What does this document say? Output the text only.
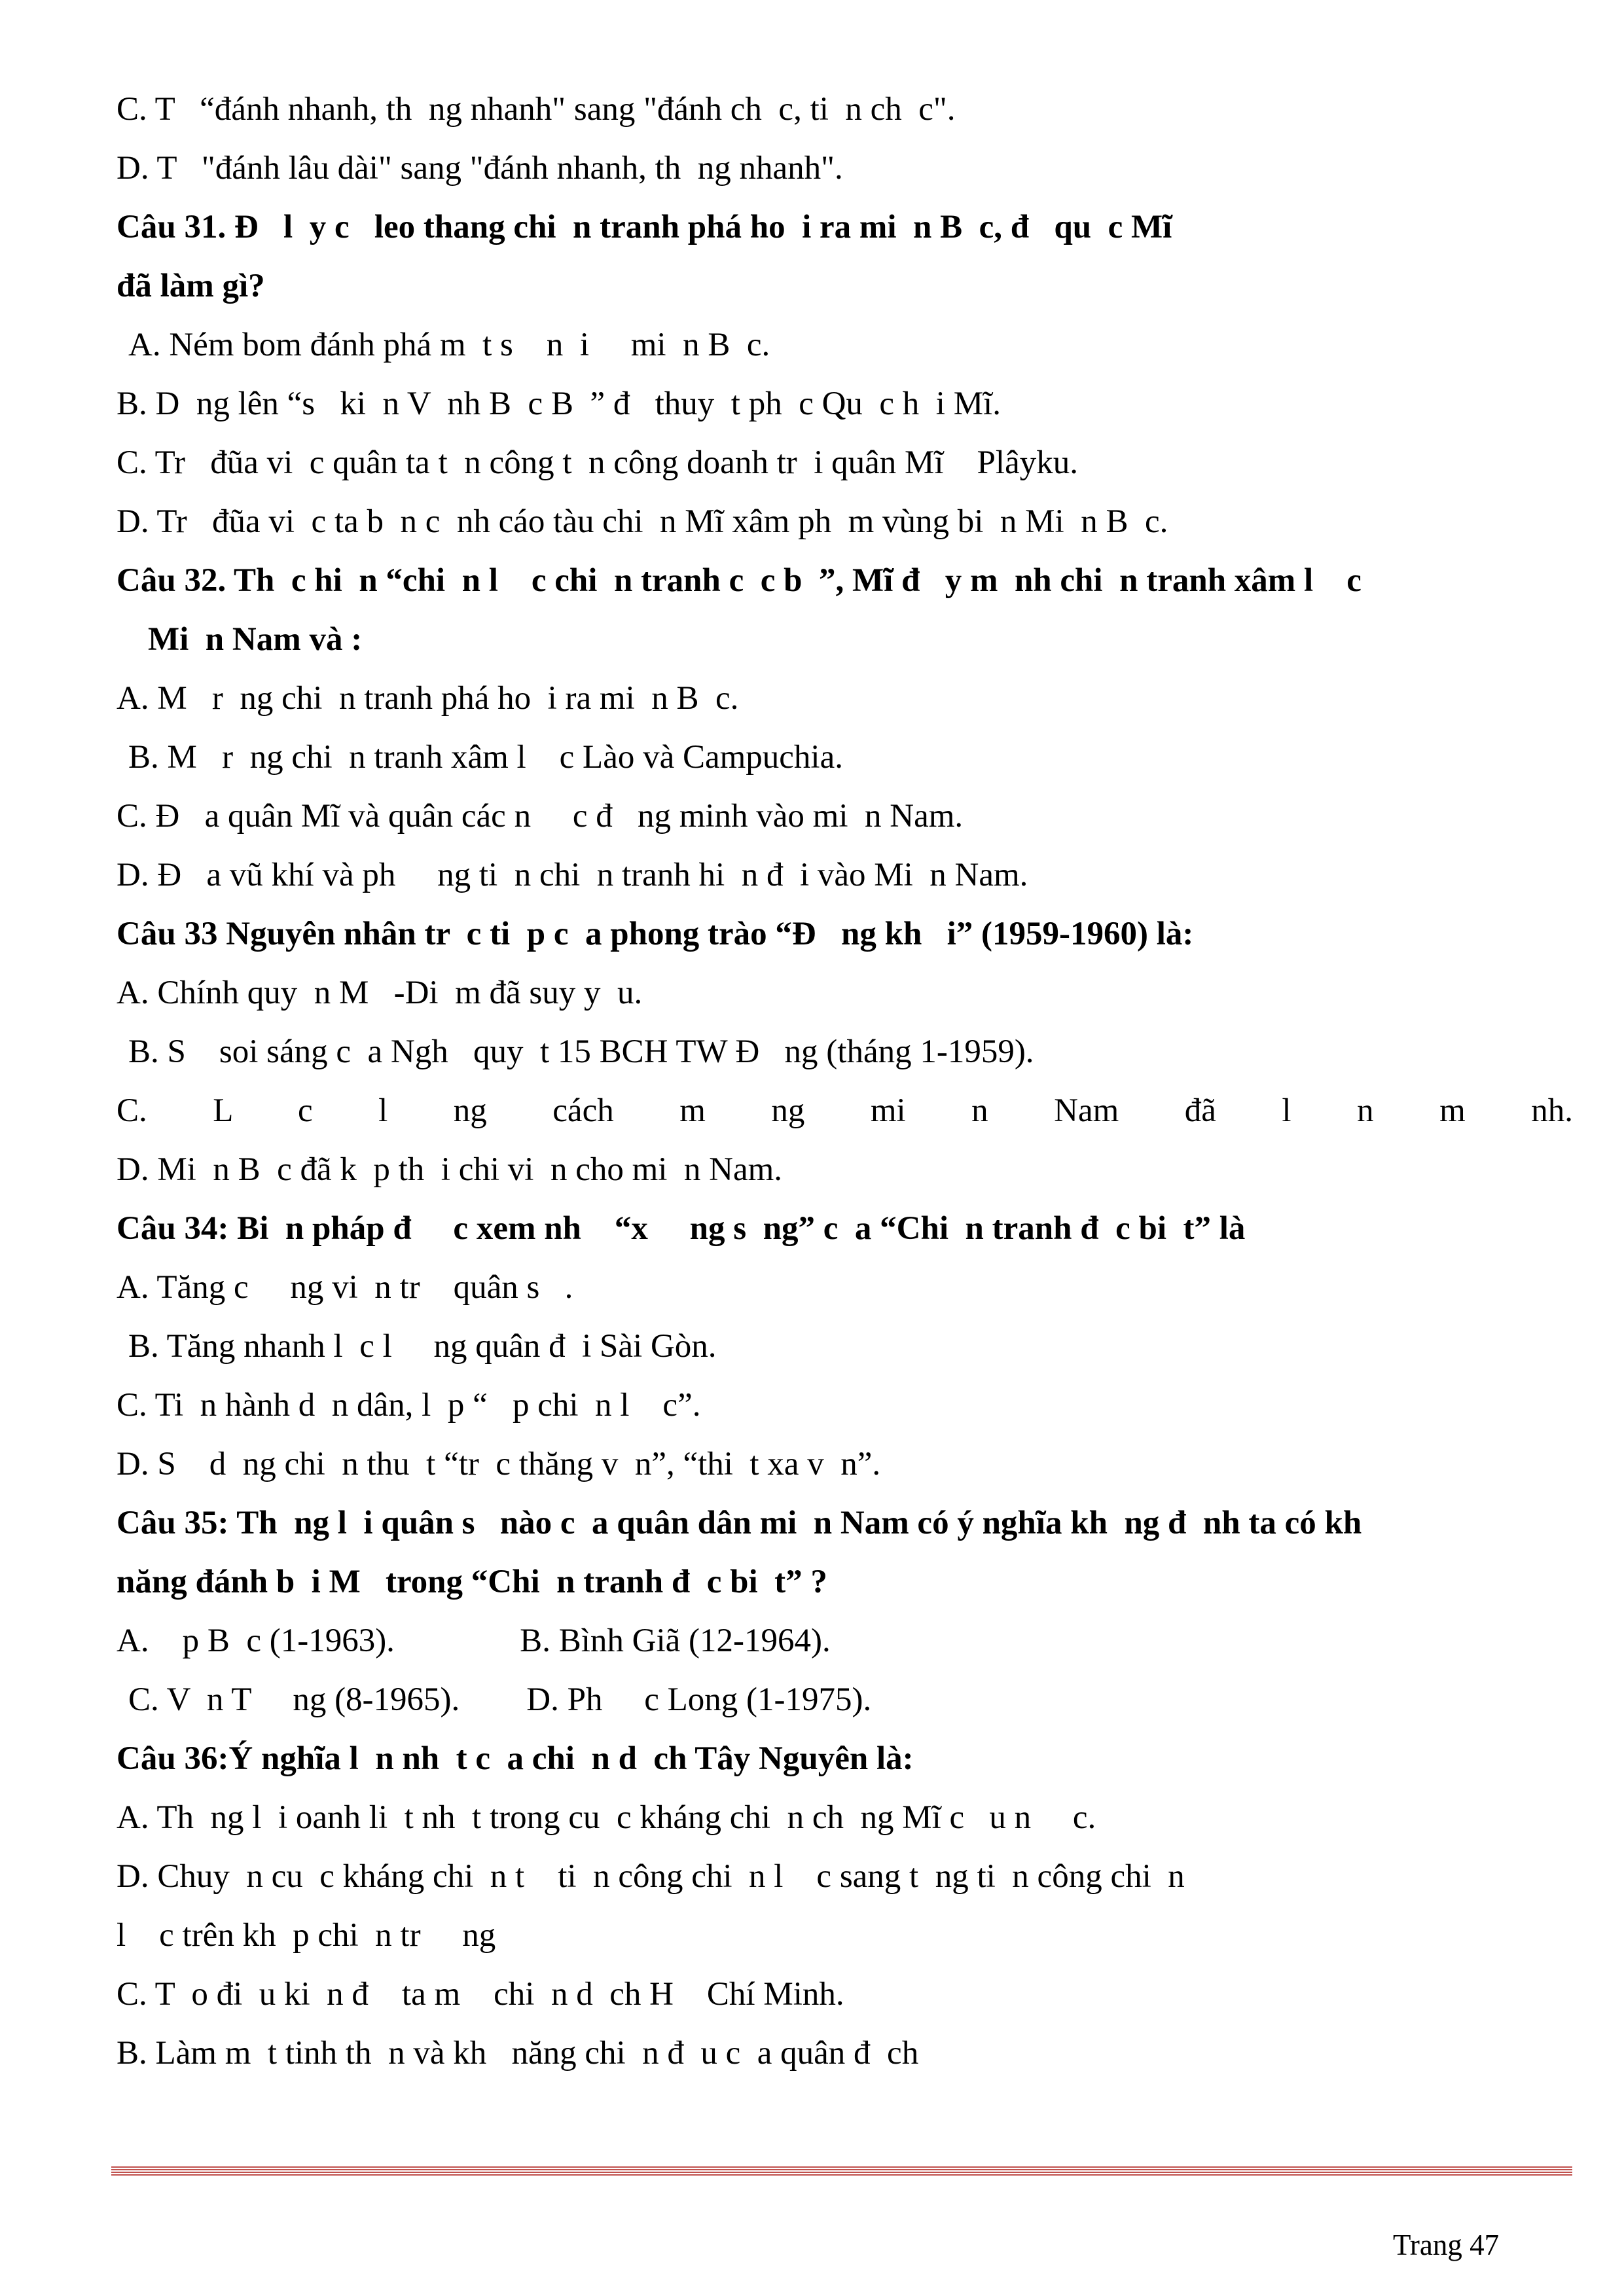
C. T   “đánh nhanh, th  ng nhanh" sang "đánh ch  c, ti  n ch  c".
D. T   "đánh lâu dài" sang "đánh nhanh, th  ng nhanh".
Câu 31. Đ   l  y c   leo thang chi  n tranh phá ho  i ra mi  n B  c, đ   qu  c Mĩ
đã làm gì?
A. Ném bom đánh phá m  t s    n  i     mi  n B  c.
B. D  ng lên “s   ki  n V  nh B  c B  ” đ   thuy  t ph  c Qu  c h  i Mĩ.
C. Tr   đũa vi  c quân ta t  n công t  n công doanh tr  i quân Mĩ    Plâyku.
D. Tr   đũa vi  c ta b  n c  nh cáo tàu chi  n Mĩ xâm ph  m vùng bi  n Mi  n B  c.
Câu 32. Th  c hi  n “chi  n l    c chi  n tranh c  c b  ”, Mĩ đ   y m  nh chi  n tranh xâm l    c
Mi  n Nam và :
A. M   r  ng chi  n tranh phá ho  i ra mi  n B  c.
B. M   r  ng chi  n tranh xâm l    c Lào và Campuchia.
C. Đ   a quân Mĩ và quân các n     c đ   ng minh vào mi  n Nam.
D. Đ   a vũ khí và ph     ng ti  n chi  n tranh hi  n đ  i vào Mi  n Nam.
Câu 33 Nguyên nhân tr  c ti  p c  a phong trào “Đ   ng kh   i” (1959-1960) là:
A. Chính quy  n M   -Di  m đã suy y  u.
B. S    soi sáng c  a Ngh   quy  t 15 BCH TW Đ   ng (tháng 1-1959).
C. L c l ng cách m ng mi n Nam đã l n m nh.
D. Mi  n B  c đã k  p th  i chi vi  n cho mi  n Nam.
Câu 34: Bi  n pháp đ     c xem nh    “x     ng s  ng” c  a “Chi  n tranh đ  c bi  t” là
A. Tăng c     ng vi  n tr    quân s   .
B. Tăng nhanh l  c l     ng quân đ  i Sài Gòn.
C. Ti  n hành d  n dân, l  p “   p chi  n l    c”.
D. S    d  ng chi  n thu  t “tr  c thăng v  n”, “thi  t xa v  n”.
Câu 35: Th  ng l  i quân s   nào c  a quân dân mi  n Nam có ý nghĩa kh  ng đ  nh ta có kh
năng đánh b  i M   trong “Chi  n tranh đ  c bi  t” ?
A.    p B  c (1-1963).               B. Bình Giã (12-1964).
C. V  n T     ng (8-1965).        D. Ph     c Long (1-1975).
Câu 36:Ý nghĩa l  n nh  t c  a chi  n d  ch Tây Nguyên là:
A. Th  ng l  i oanh li  t nh  t trong cu  c kháng chi  n ch  ng Mĩ c   u n     c.
D. Chuy  n cu  c kháng chi  n t    ti  n công chi  n l    c sang t  ng ti  n công chi  n
l    c trên kh  p chi  n tr     ng
C. T  o đi  u ki  n đ    ta m    chi  n d  ch H    Chí Minh.
B. Làm m  t tinh th  n và kh   năng chi  n đ  u c  a quân đ  ch
Trang 47
